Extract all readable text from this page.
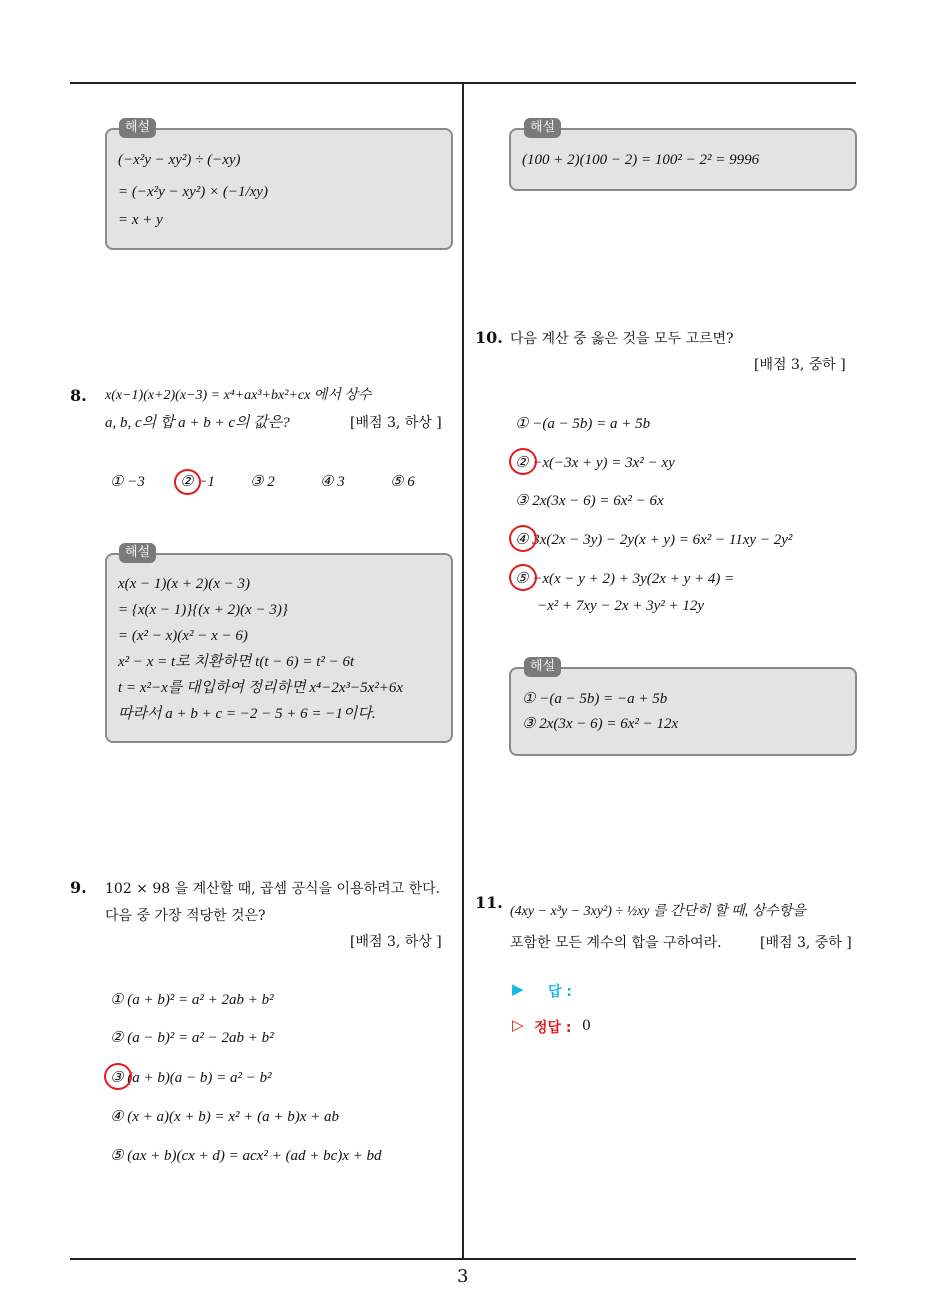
해설
(−x²y − xy²) ÷ (−xy)
= (−x²y − xy²) × (−1/xy)
= x + y
8. x(x−1)(x+2)(x−3) = x⁴+ax³+bx²+cx 에서 상수
a, b, c의 합 a + b + c의 값은?	[배점 3, 하상 ]
① −3 ② −1 ③ 2	④ 3	⑤ 6
해설
x(x − 1)(x + 2)(x − 3)
= {x(x − 1)}{(x + 2)(x − 3)}
= (x² − x)(x² − x − 6)
x² − x = t로 치환하면 t(t − 6) = t² − 6t
t = x²−x를 대입하여 정리하면 x⁴−2x³−5x²+6x
따라서 a + b + c = −2 − 5 + 6 = −1이다.
9. 102 × 98 을 계산할 때, 곱셈 공식을 이용하려고 한다.
다음 중 가장 적당한 것은?
[배점 3, 하상 ]
① (a + b)² = a² + 2ab + b²
② (a − b)² = a² − 2ab + b²
③ (a + b)(a − b) = a² − b²
④ (x + a)(x + b) = x² + (a + b)x + ab
⑤ (ax + b)(cx + d) = acx² + (ad + bc)x + bd
해설
(100 + 2)(100 − 2) = 100² − 2² = 9996
10. 다음 계산 중 옳은 것을 모두 고르면?
[배점 3, 중하 ]
① −(a − 5b) = a + 5b
② −x(−3x + y) = 3x² − xy
③ 2x(3x − 6) = 6x² − 6x
④ 3x(2x − 3y) − 2y(x + y) = 6x² − 11xy − 2y²
⑤ −x(x − y + 2) + 3y(2x + y + 4) =
−x² + 7xy − 2x + 3y² + 12y
해설
① −(a − 5b) = −a + 5b
③ 2x(3x − 6) = 6x² − 12x
11. (4xy − x³y − 3xy²) ÷ ½xy 를 간단히 할 때, 상수항을
포함한 모든 계수의 합을 구하여라.	[배점 3, 중하 ]
▶ 답 :
▷ 정답 : 0
3
